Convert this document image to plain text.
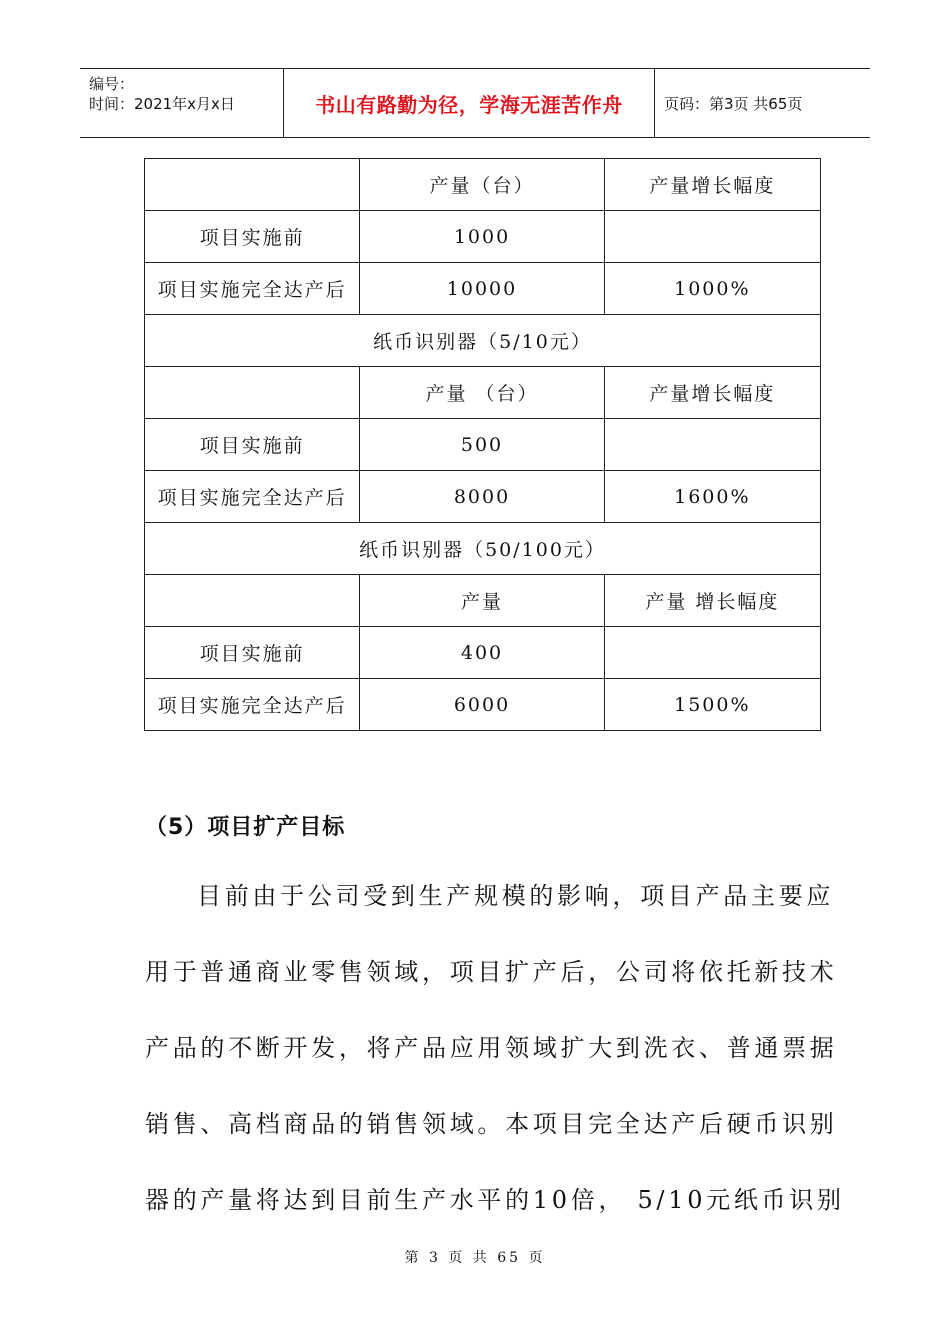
编号：
时间：2021年x月x日	书山有路勤为径，学海无涯苦作舟	页码：第3页 共65页
	产量（台）	产量增长幅度
项目实施前	1000	
项目实施完全达产后	10000	1000%
纸币识别器（5/10元）		
	产量 （台）	产量增长幅度
项目实施前	500	
项目实施完全达产后	8000	1600%
纸币识别器（50/100元）		
	产量	产量 增长幅度
项目实施前	400	
项目实施完全达产后	6000	1500%
（5）项目扩产目标
目前由于公司受到生产规模的影响，项目产品主要应
用于普通商业零售领域，项目扩产后，公司将依托新技术
产品的不断开发，将产品应用领域扩大到洗衣、普通票据
销售、高档商品的销售领域。本项目完全达产后硬币识别
器的产量将达到目前生产水平的10倍， 5/10元纸币识别
第 3 页 共 65 页
